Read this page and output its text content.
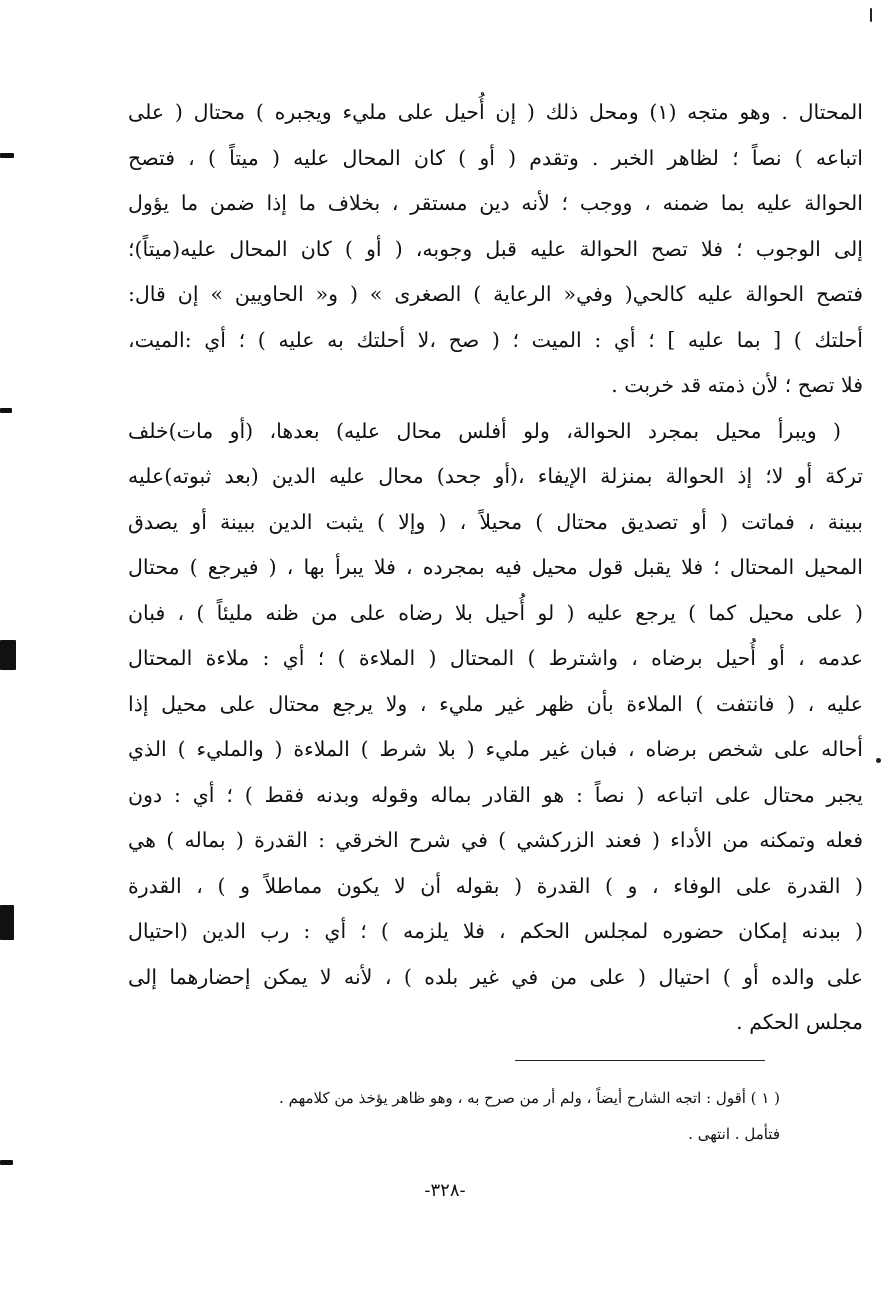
المحتال . وهو متجه (١) ومحل ذلك ( إن أُحيل على مليء ويجبره ) محتال ( على
اتباعه ) نصاً ؛ لظاهر الخبر . وتقدم ( أو ) كان المحال عليه ( ميتاً ) ، فتصح
الحوالة عليه بما ضمنه ، ووجب ؛ لأنه دين مستقر ، بخلاف ما إذا ضمن ما يؤول
إلى الوجوب ؛ فلا تصح الحوالة عليه قبل وجوبه، ( أو ) كان المحال عليه(ميتاً)؛
فتصح الحوالة عليه كالحي( وفي« الرعاية ) الصغرى » ( و« الحاويين » إن قال:
أحلتك ) [ بما عليه ] ؛ أي : الميت ؛ ( صح ،لا أحلتك به عليه ) ؛ أي :الميت،
فلا تصح ؛ لأن ذمته قد خربت .
( ويبرأ محيل بمجرد الحوالة، ولو أفلس محال عليه) بعدها، (أو مات)خلف
تركة أو لا؛ إذ الحوالة بمنزلة الإيفاء ،(أو جحد) محال عليه الدين (بعد ثبوته)عليه
ببينة ، فماتت ( أو تصديق محتال ) محيلاً ، ( وإلا ) يثبت الدين ببينة أو يصدق
المحيل المحتال ؛ فلا يقبل قول محيل فيه بمجرده ، فلا يبرأ بها ، ( فيرجع ) محتال
( على محيل كما ) يرجع عليه ( لو أُحيل بلا رضاه على من ظنه مليئاً ) ، فبان
عدمه ، أو أُحيل برضاه ، واشترط ) المحتال ( الملاءة ) ؛ أي : ملاءة المحتال
عليه ، ( فانتفت ) الملاءة بأن ظهر غير مليء ، ولا يرجع محتال على محيل إذا
أحاله على شخص برضاه ، فبان غير مليء ( بلا شرط ) الملاءة ( والمليء ) الذي
يجبر محتال على اتباعه ( نصاً : هو القادر بماله وقوله وبدنه فقط ) ؛ أي : دون
فعله وتمكنه من الأداء ( فعند الزركشي ) في شرح الخرقي : القدرة ( بماله ) هي
( القدرة على الوفاء ، و ) القدرة ( بقوله أن لا يكون مماطلاً و ) ، القدرة
( ببدنه إمكان حضوره لمجلس الحكم ، فلا يلزمه ) ؛ أي : رب الدين (احتيال
على والده أو ) احتيال ( على من في غير بلده ) ، لأنه لا يمكن إحضارهما إلى
مجلس الحكم .
( ١ ) أقول : اتجه الشارح أيضاً ، ولم أر من صرح به ، وهو ظاهر يؤخذ من كلامهم .
فتأمل . انتهى .
-٣٢٨-
